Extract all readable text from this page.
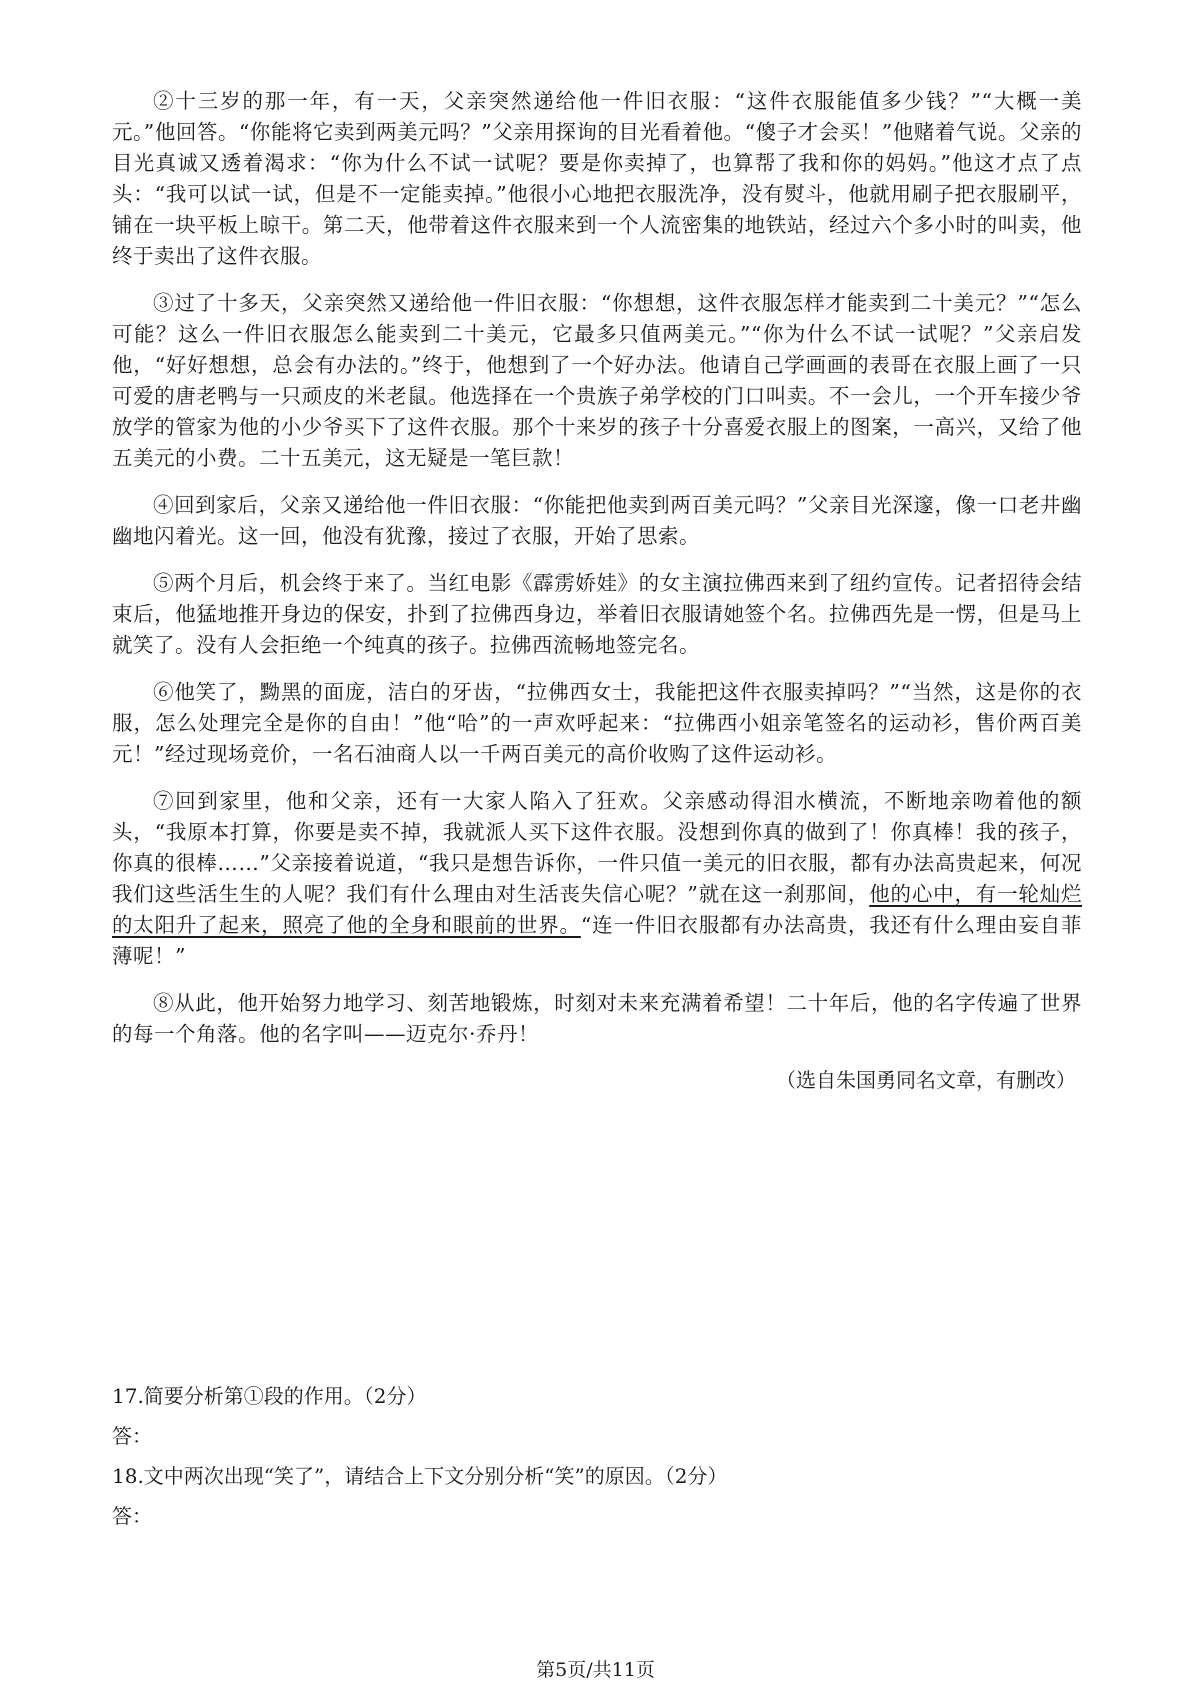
②十三岁的那一年，有一天，父亲突然递给他一件旧衣服：“这件衣服能值多少钱？”“大概一美元。”他回答。“你能将它卖到两美元吗？”父亲用探询的目光看着他。“傻子才会买！”他赌着气说。父亲的目光真诚又透着渴求：“你为什么不试一试呢？要是你卖掉了，也算帮了我和你的妈妈。”他这才点了点头：“我可以试一试，但是不一定能卖掉。”他很小心地把衣服洗净，没有熨斗，他就用刷子把衣服刷平，铺在一块平板上晾干。第二天，他带着这件衣服来到一个人流密集的地铁站，经过六个多小时的叫卖，他终于卖出了这件衣服。

③过了十多天，父亲突然又递给他一件旧衣服：“你想想，这件衣服怎样才能卖到二十美元？”“怎么可能？这么一件旧衣服怎么能卖到二十美元，它最多只值两美元。”“你为什么不试一试呢？”父亲启发他，“好好想想，总会有办法的。”终于，他想到了一个好办法。他请自己学画画的表哥在衣服上画了一只可爱的唐老鸭与一只顽皮的米老鼠。他选择在一个贵族子弟学校的门口叫卖。不一会儿，一个开车接少爷放学的管家为他的小少爷买下了这件衣服。那个十来岁的孩子十分喜爱衣服上的图案，一高兴，又给了他五美元的小费。二十五美元，这无疑是一笔巨款！

④回到家后，父亲又递给他一件旧衣服：“你能把他卖到两百美元吗？”父亲目光深邃，像一口老井幽幽地闪着光。这一回，他没有犹豫，接过了衣服，开始了思索。

⑤两个月后，机会终于来了。当红电影《霹雳娇娃》的女主演拉佛西来到了纽约宣传。记者招待会结束后，他猛地推开身边的保安，扑到了拉佛西身边，举着旧衣服请她签个名。拉佛西先是一愣，但是马上就笑了。没有人会拒绝一个纯真的孩子。拉佛西流畅地签完名。

⑥他笑了，黝黑的面庞，洁白的牙齿，“拉佛西女士，我能把这件衣服卖掉吗？”“当然，这是你的衣服，怎么处理完全是你的自由！”他“哈”的一声欢呼起来：“拉佛西小姐亲笔签名的运动衫，售价两百美元！”经过现场竞价，一名石油商人以一千两百美元的高价收购了这件运动衫。

⑦回到家里，他和父亲，还有一大家人陷入了狂欢。父亲感动得泪水横流，不断地亲吻着他的额头，“我原本打算，你要是卖不掉，我就派人买下这件衣服。没想到你真的做到了！你真棒！我的孩子，你真的很棒……”父亲接着说道，“我只是想告诉你，一件只值一美元的旧衣服，都有办法高贵起来，何况我们这些活生生的人呢？我们有什么理由对生活丧失信心呢？”就在这一刹那间，他的心中，有一轮灿烂的太阳升了起来，照亮了他的全身和眼前的世界。“连一件旧衣服都有办法高贵，我还有什么理由妄自菲薄呢！”

⑧从此，他开始努力地学习、刻苦地锻炼，时刻对未来充满着希望！二十年后，他的名字传遍了世界的每一个角落。他的名字叫——迈克尔·乔丹！

（选自朱国勇同名文章，有删改）

17.简要分析第①段的作用。（2分）

答：

18.文中两次出现“笑了”，请结合上下文分别分析“笑”的原因。（2分）

答：

第5页/共11页
